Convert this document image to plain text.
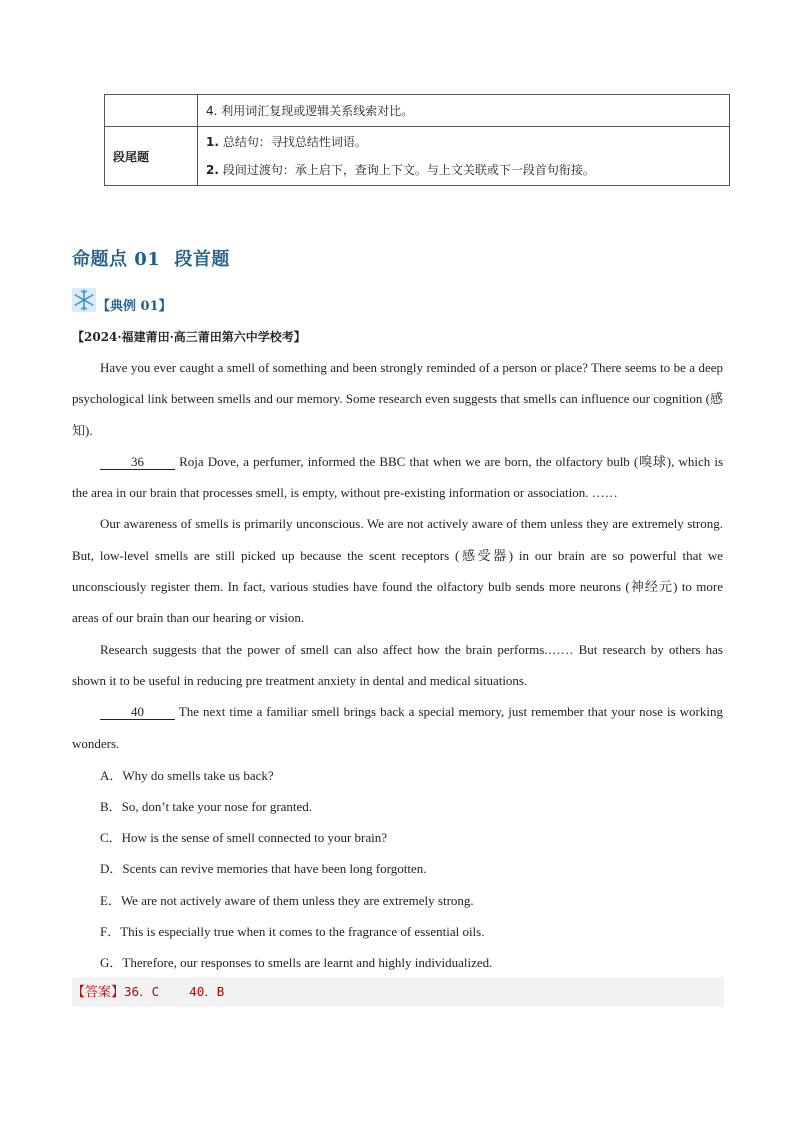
	4. 利用词汇复现或逻辑关系线索对比。
段尾题	1. 总结句：寻找总结性词语。
2. 段间过渡句：承上启下，查询上下文。与上文关联或下一段首句衔接。
命题点 01 段首题
【典例 01】
【2024·福建莆田·高三莆田第六中学校考】

Have you ever caught a smell of something and been strongly reminded of a person or place? There seems to be a deep psychological link between smells and our memory. Some research even suggests that smells can influence our cognition (感知).

36 Roja Dove, a perfumer, informed the BBC that when we are born, the olfactory bulb (嗅球), which is the area in our brain that processes smell, is empty, without pre-existing information or association. ……

Our awareness of smells is primarily unconscious. We are not actively aware of them unless they are extremely strong. But, low-level smells are still picked up because the scent receptors (感受器) in our brain are so powerful that we unconsciously register them. In fact, various studies have found the olfactory bulb sends more neurons (神经元) to more areas of our brain than our hearing or vision.

Research suggests that the power of smell can also affect how the brain performs.…… But research by others has shown it to be useful in reducing pre treatment anxiety in dental and medical situations.

40 The next time a familiar smell brings back a special memory, just remember that your nose is working wonders.

A．Why do smells take us back?
B．So, don’t take your nose for granted.
C．How is the sense of smell connected to your brain?
D．Scents can revive memories that have been long forgotten.
E．We are not actively aware of them unless they are extremely strong.
F．This is especially true when it comes to the fragrance of essential oils.
G．Therefore, our responses to smells are learnt and highly individualized.
【答案】36．C    40．B
